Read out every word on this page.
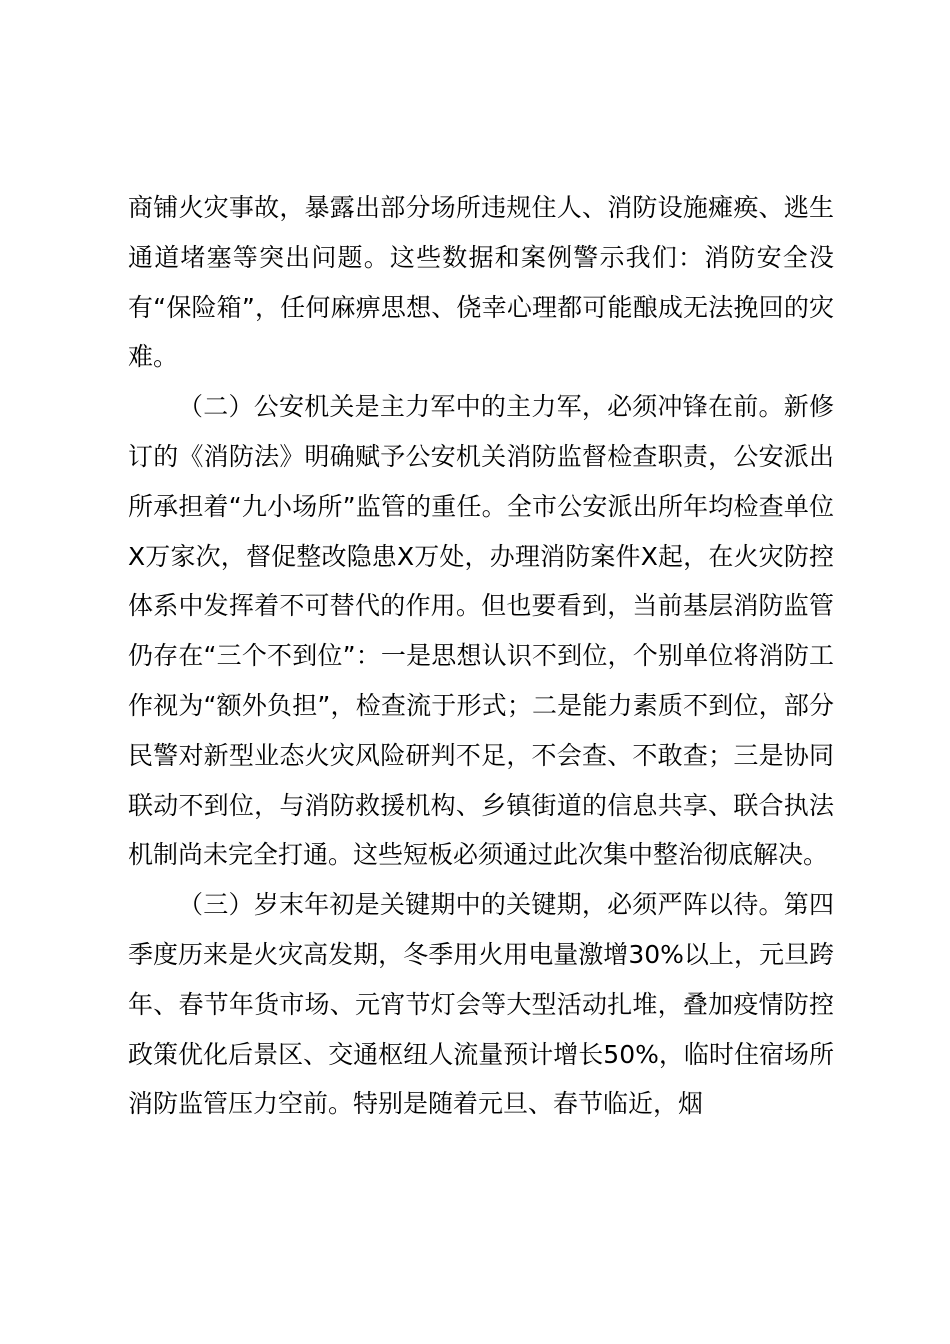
商铺火灾事故，暴露出部分场所违规住人、消防设施瘫痪、逃生通道堵塞等突出问题。这些数据和案例警示我们：消防安全没有“保险箱”，任何麻痹思想、侥幸心理都可能酿成无法挽回的灾难。

（二）公安机关是主力军中的主力军，必须冲锋在前。新修订的《消防法》明确赋予公安机关消防监督检查职责，公安派出所承担着“九小场所”监管的重任。全市公安派出所年均检查单位X万家次，督促整改隐患X万处，办理消防案件X起，在火灾防控体系中发挥着不可替代的作用。但也要看到，当前基层消防监管仍存在“三个不到位”：一是思想认识不到位，个别单位将消防工作视为“额外负担”，检查流于形式；二是能力素质不到位，部分民警对新型业态火灾风险研判不足，不会查、不敢查；三是协同联动不到位，与消防救援机构、乡镇街道的信息共享、联合执法机制尚未完全打通。这些短板必须通过此次集中整治彻底解决。

（三）岁末年初是关键期中的关键期，必须严阵以待。第四季度历来是火灾高发期，冬季用火用电量激增30%以上，元旦跨年、春节年货市场、元宵节灯会等大型活动扎堆，叠加疫情防控政策优化后景区、交通枢纽人流量预计增长50%，临时住宿场所消防监管压力空前。特别是随着元旦、春节临近，烟
